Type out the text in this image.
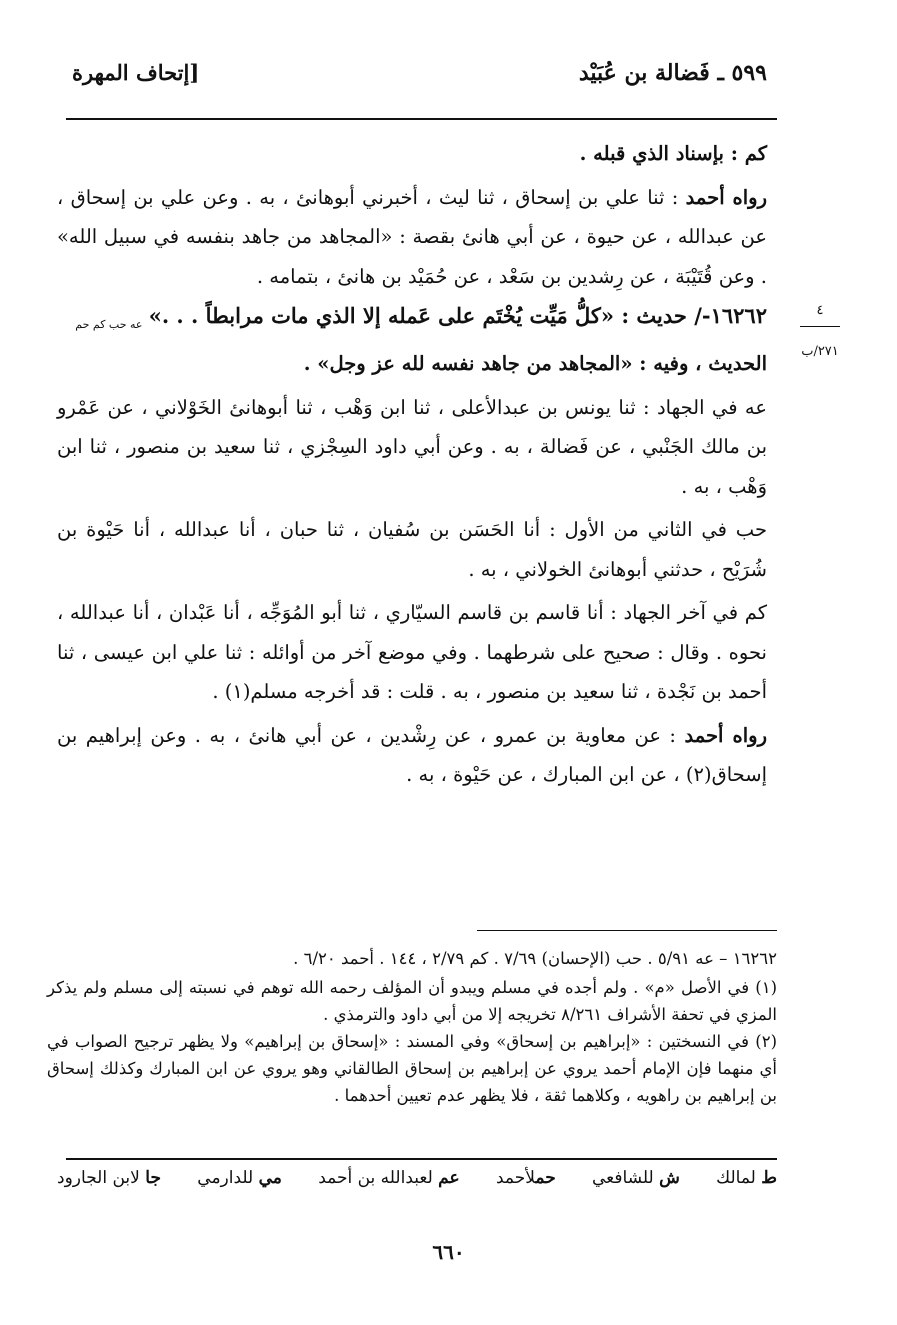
٥٩٩ ـ فَضالة بن عُبَيْد
[إتحاف المهرة
٤
٢٧١/ب

كم : بإسناد الذي قبله .

رواه أحمد : ثنا علي بن إسحاق ، ثنا ليث ، أخبرني أبوهانئ ، به . وعن علي بن إسحاق ، عن عبدالله ، عن حيوة ، عن أبي هانئ بقصة : «المجاهد من جاهد بنفسه في سبيل الله» . وعن قُتَيْبَة ، عن رِشدين بن سَعْد ، عن حُمَيْد بن هانئ ، بتمامه .

١٦٢٦٢-/ حديث : «كلُّ مَيِّت يُخْتَم على عَمله إلا الذي مات مرابطاً . . .» $_{عه حب كم حم}$

الحديث ، وفيه : «المجاهد من جاهد نفسه لله عز وجل» .

عه في الجهاد : ثنا يونس بن عبدالأعلى ، ثنا ابن وَهْب ، ثنا أبوهانئ الخَوْلاني ، عن عَمْرو بن مالك الجَنْبي ، عن فَضالة ، به . وعن أبي داود السِجْزي ، ثنا سعيد بن منصور ، ثنا ابن وَهْب ، به .

حب في الثاني من الأول : أنا الحَسَن بن سُفيان ، ثنا حبان ، أنا عبدالله ، أنا حَيْوة بن شُرَيْح ، حدثني أبوهانئ الخولاني ، به .

كم في آخر الجهاد : أنا قاسم بن قاسم السيّاري ، ثنا أبو المُوَجِّه ، أنا عَبْدان ، أنا عبدالله ، نحوه . وقال : صحيح على شرطهما . وفي موضع آخر من أوائله : ثنا علي ابن عيسى ، ثنا أحمد بن نَجْدة ، ثنا سعيد بن منصور ، به . قلت : قد أخرجه مسلم(١) .

رواه أحمد : عن معاوية بن عمرو ، عن رِشْدين ، عن أبي هانئ ، به . وعن إبراهيم بن إسحاق(٢) ، عن ابن المبارك ، عن حَيْوة ، به .

١٦٢٦٢ – عه ٥/٩١ . حب (الإحسان) ٧/٦٩ . كم ٢/٧٩ ، ١٤٤ . أحمد ٦/٢٠ .

(١) في الأصل «م» . ولم أجده في مسلم ويبدو أن المؤلف رحمه الله توهم في نسبته إلى مسلم ولم يذكر المزي في تحفة الأشراف ٨/٢٦١ تخريجه إلا من أبي داود والترمذي .

(٢) في النسختين : «إبراهيم بن إسحاق» وفي المسند : «إسحاق بن إبراهيم» ولا يظهر ترجيح الصواب في أي منهما فإن الإمام أحمد يروي عن إبراهيم بن إسحاق الطالقاني وهو يروي عن ابن المبارك وكذلك إسحاق بن إبراهيم بن راهويه ، وكلاهما ثقة ، فلا يظهر عدم تعيين أحدهما .

ط لمالك
ش للشافعي
حملأحمد
عم لعبدالله بن أحمد
مي للدارمي
جا لابن الجارود
٦٦٠
